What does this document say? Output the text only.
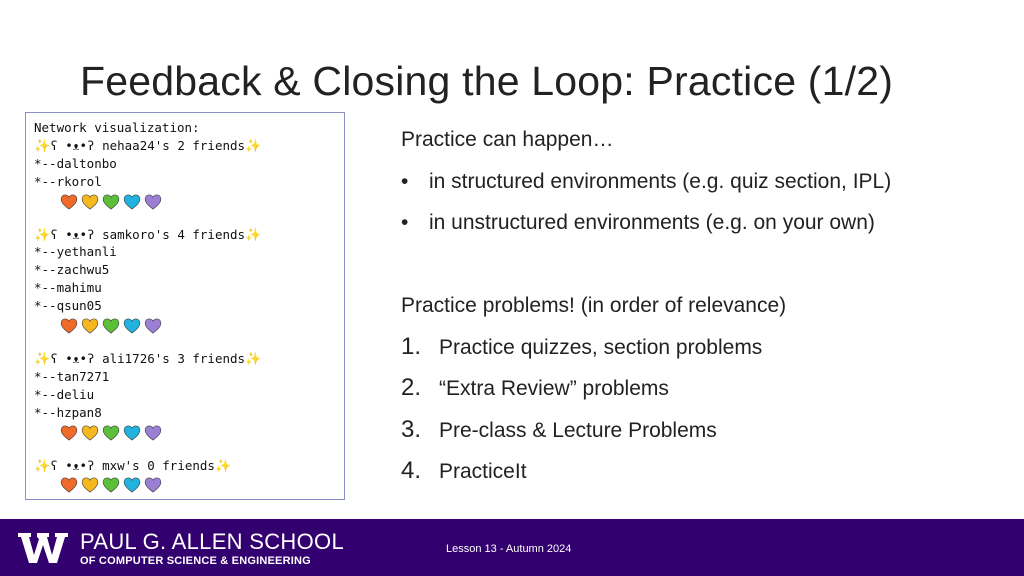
Feedback & Closing the Loop: Practice (1/2)
Network visualization:
✨ʕ •ᴥ•ʔ nehaa24's 2 friends✨
*--daltonbo
*--rkorol
✨ʕ •ᴥ•ʔ samkoro's 4 friends✨
*--yethanli
*--zachwu5
*--mahimu
*--qsun05
✨ʕ •ᴥ•ʔ ali1726's 3 friends✨
*--tan7271
*--deliu
*--hzpan8
✨ʕ •ᴥ•ʔ mxw's 0 friends✨
Practice can happen…
• in structured environments (e.g. quiz section, IPL)
• in unstructured environments (e.g. on your own)
Practice problems! (in order of relevance)
1. Practice quizzes, section problems
2. “Extra Review” problems
3. Pre-class & Lecture Problems
4. PracticeIt
PAUL G. ALLEN SCHOOL
OF COMPUTER SCIENCE & ENGINEERING
Lesson 13 - Autumn 2024
